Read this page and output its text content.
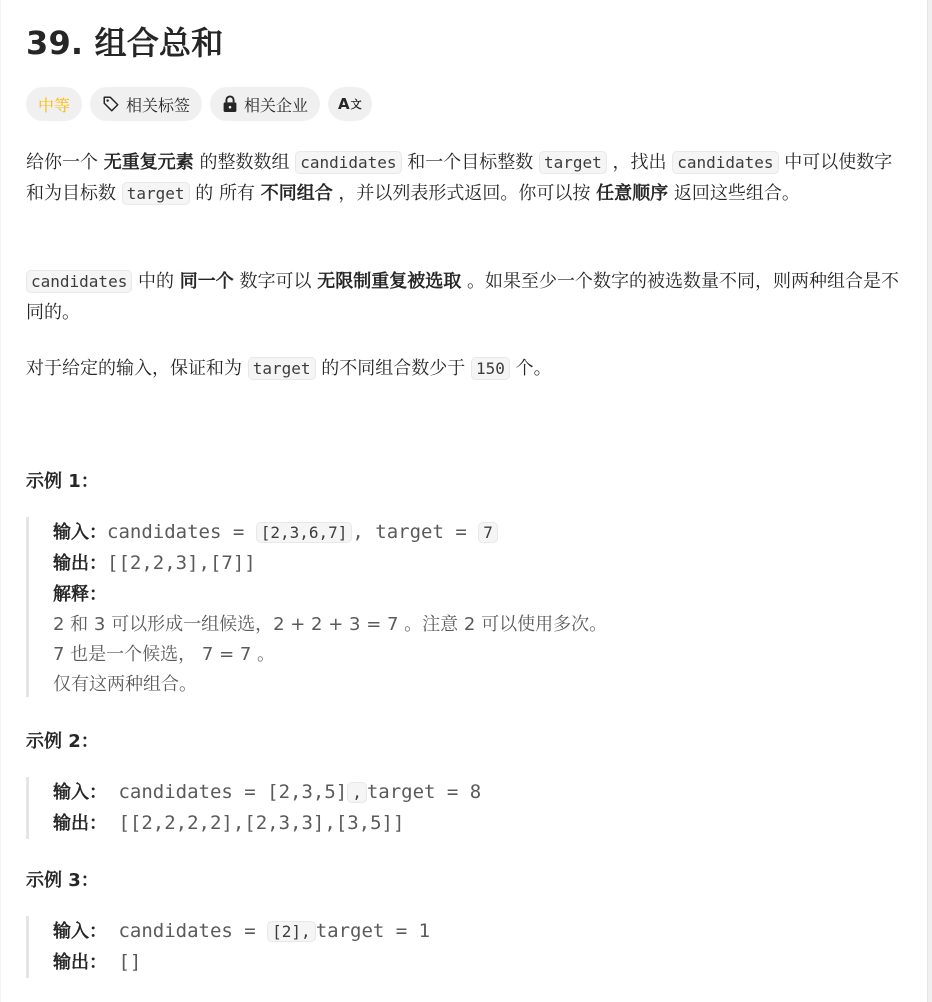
39. 组合总和
中等	相关标签	相关企业 A 文
给你一个 无重复元素 的整数数组 candidates 和一个目标整数 target ，找出 candidates 中可以使数字和为目标数 target 的 所有 不同组合 ，并以列表形式返回。你可以按 任意顺序 返回这些组合。
candidates 中的 同一个 数字可以 无限制重复被选取 。如果至少一个数字的被选数量不同，则两种组合是不同的。
对于给定的输入，保证和为 target 的不同组合数少于 150 个。
示例 1：
输入：candidates = [2,3,6,7] , target = 7
输出：[[2,2,3],[7]]
解释：
2 和 3 可以形成一组候选，2 + 2 + 3 = 7 。注意 2 可以使用多次。
7 也是一个候选， 7 = 7 。
仅有这两种组合。
示例 2：
输入： candidates = [2,3,5] , target = 8
输出： [[2,2,2,2],[2,3,3],[3,5]]
示例 3：
输入： candidates = [2], target = 1
输出： []
